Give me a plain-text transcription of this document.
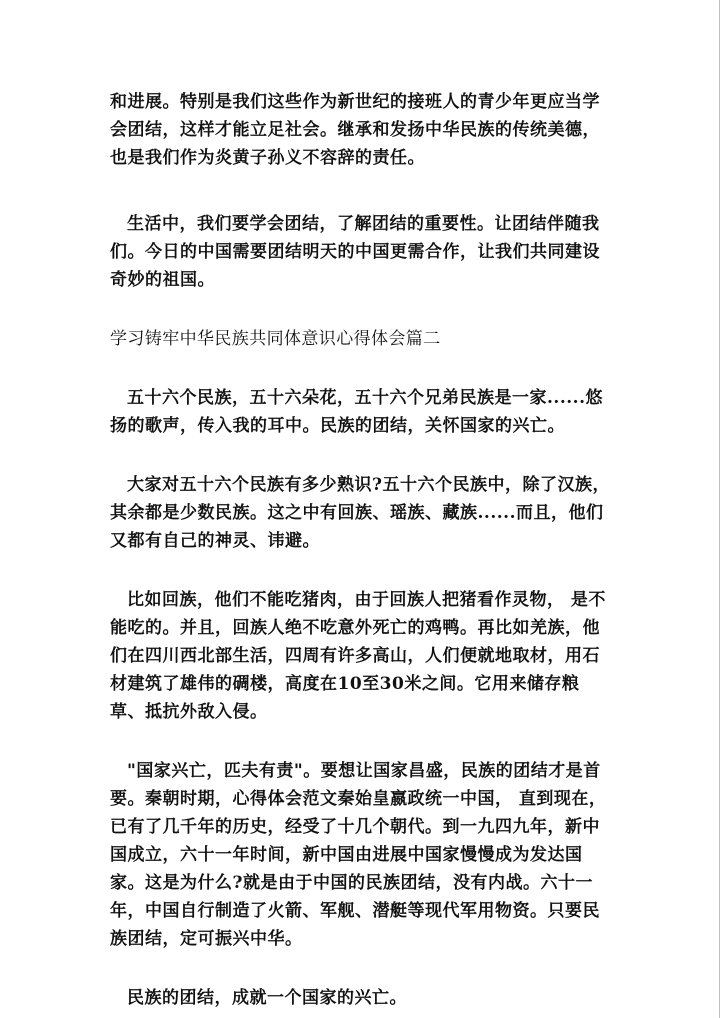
和进展。特别是我们这些作为新世纪的接班人的青少年更应当学会团结，这样才能立足社会。继承和发扬中华民族的传统美德，也是我们作为炎黄子孙义不容辞的责任。

生活中，我们要学会团结，了解团结的重要性。让团结伴随我们。今日的中国需要团结明天的中国更需合作，让我们共同建设奇妙的祖国。

学习铸牢中华民族共同体意识心得体会篇二

五十六个民族，五十六朵花，五十六个兄弟民族是一家......悠扬的歌声，传入我的耳中。民族的团结，关怀国家的兴亡。

大家对五十六个民族有多少熟识?五十六个民族中，除了汉族，其余都是少数民族。这之中有回族、瑶族、藏族......而且，他们又都有自己的神灵、讳避。

比如回族，他们不能吃猪肉，由于回族人把猪看作灵物， 是不能吃的。并且，回族人绝不吃意外死亡的鸡鸭。再比如羌族，他们在四川西北部生活，四周有许多高山，人们便就地取材，用石材建筑了雄伟的碉楼，高度在10至30米之间。它用来储存粮草、抵抗外敌入侵。

"国家兴亡，匹夫有责"。要想让国家昌盛，民族的团结才是首要。秦朝时期，心得体会范文秦始皇嬴政统一中国， 直到现在，已有了几千年的历史，经受了十几个朝代。到一九四九年，新中国成立，六十一年时间，新中国由进展中国家慢慢成为发达国家。这是为什么?就是由于中国的民族团结，没有内战。六十一年，中国自行制造了火箭、军舰、潜艇等现代军用物资。只要民族团结，定可振兴中华。

民族的团结，成就一个国家的兴亡。
